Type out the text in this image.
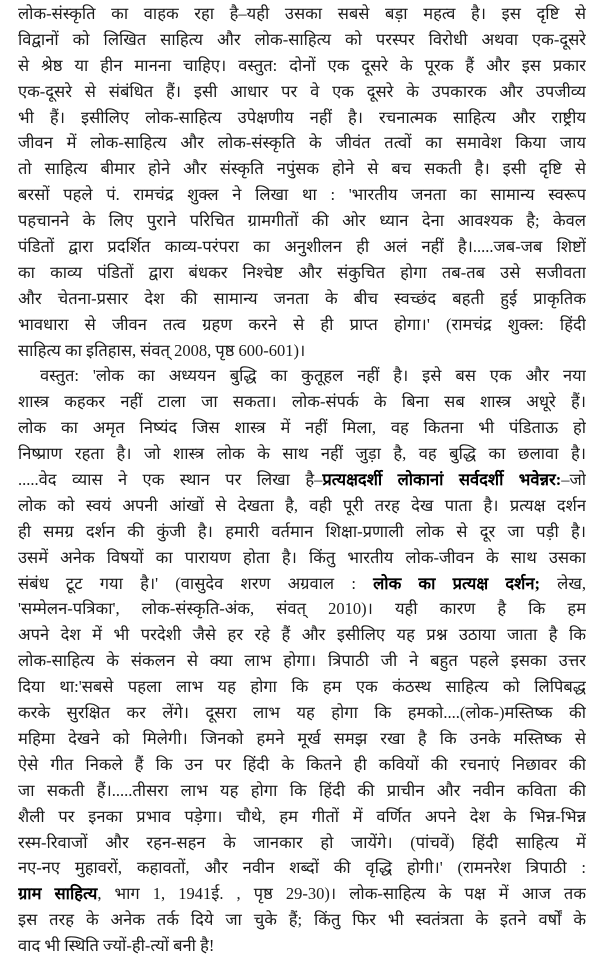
लोक-संस्कृति का वाहक रहा है–यही उसका सबसे बड़ा महत्व है। इस दृष्टि से
विद्वानों को लिखित साहित्य और लोक-साहित्य को परस्पर विरोधी अथवा एक-दूसरे
से श्रेष्ठ या हीन मानना चाहिए। वस्तुत: दोनों एक दूसरे के पूरक हैं और इस प्रकार
एक-दूसरे से संबंधित हैं। इसी आधार पर वे एक दूसरे के उपकारक और उपजीव्य
भी हैं। इसीलिए लोक-साहित्य उपेक्षणीय नहीं है। रचनात्मक साहित्य और राष्ट्रीय
जीवन में लोक-साहित्य और लोक-संस्कृति के जीवंत तत्वों का समावेश किया जाय
तो साहित्य बीमार होने और संस्कृति नपुंसक होने से बच सकती है। इसी दृष्टि से
बरसों पहले पं. रामचंद्र शुक्ल ने लिखा था : 'भारतीय जनता का सामान्य स्वरूप
पहचानने के लिए पुराने परिचित ग्रामगीतों की ओर ध्यान देना आवश्यक है; केवल
पंडितों द्वारा प्रदर्शित काव्य-परंपरा का अनुशीलन ही अलं नहीं है।.....जब-जब शिष्टों
का काव्य पंडितों द्वारा बंधकर निश्चेष्ट और संकुचित होगा तब-तब उसे सजीवता
और चेतना-प्रसार देश की सामान्य जनता के बीच स्वच्छंद बहती हुई प्राकृतिक
भावधारा से जीवन तत्व ग्रहण करने से ही प्राप्त होगा।' (रामचंद्र शुक्ल: हिंदी
साहित्य का इतिहास, संवत् 2008, पृष्ठ 600-601)।
वस्तुत: 'लोक का अध्ययन बुद्धि का कुतूहल नहीं है। इसे बस एक और नया
शास्त्र कहकर नहीं टाला जा सकता। लोक-संपर्क के बिना सब शास्त्र अधूरे हैं।
लोक का अमृत निष्यंद जिस शास्त्र में नहीं मिला, वह कितना भी पंडिताऊ हो
निष्प्राण रहता है। जो शास्त्र लोक के साथ नहीं जुड़ा है, वह बुद्धि का छलावा है।
.....वेद व्यास ने एक स्थान पर लिखा है–प्रत्यक्षदर्शी लोकानां सर्वदर्शी भवेन्नर:–जो
लोक को स्वयं अपनी आंखों से देखता है, वही पूरी तरह देख पाता है। प्रत्यक्ष दर्शन
ही समग्र दर्शन की कुंजी है। हमारी वर्तमान शिक्षा-प्रणाली लोक से दूर जा पड़ी है।
उसमें अनेक विषयों का पारायण होता है। किंतु भारतीय लोक-जीवन के साथ उसका
संबंध टूट गया है।' (वासुदेव शरण अग्रवाल : लोक का प्रत्यक्ष दर्शन; लेख,
'सम्मेलन-पत्रिका', लोक-संस्कृति-अंक, संवत् 2010)। यही कारण है कि हम
अपने देश में भी परदेशी जैसे हर रहे हैं और इसीलिए यह प्रश्न उठाया जाता है कि
लोक-साहित्य के संकलन से क्या लाभ होगा। त्रिपाठी जी ने बहुत पहले इसका उत्तर
दिया था:'सबसे पहला लाभ यह होगा कि हम एक कंठस्थ साहित्य को लिपिबद्ध
करके सुरक्षित कर लेंगे। दूसरा लाभ यह होगा कि हमको....(लोक-)मस्तिष्क की
महिमा देखने को मिलेगी। जिनको हमने मूर्ख समझ रखा है कि उनके मस्तिष्क से
ऐसे गीत निकले हैं कि उन पर हिंदी के कितने ही कवियों की रचनाएं निछावर की
जा सकती हैं।.....तीसरा लाभ यह होगा कि हिंदी की प्राचीन और नवीन कविता की
शैली पर इनका प्रभाव पड़ेगा। चौथे, हम गीतों में वर्णित अपने देश के भिन्न-भिन्न
रस्म-रिवाजों और रहन-सहन के जानकार हो जायेंगे। (पांचवें) हिंदी साहित्य में
नए-नए मुहावरों, कहावतों, और नवीन शब्दों की वृद्धि होगी।' (रामनरेश त्रिपाठी :
ग्राम साहित्य, भाग 1, 1941ई. , पृष्ठ 29-30)। लोक-साहित्य के पक्ष में आज तक
इस तरह के अनेक तर्क दिये जा चुके हैं; किंतु फिर भी स्वतंत्रता के इतने वर्षों के
वाद भी स्थिति ज्यों-ही-त्यों बनी है!
